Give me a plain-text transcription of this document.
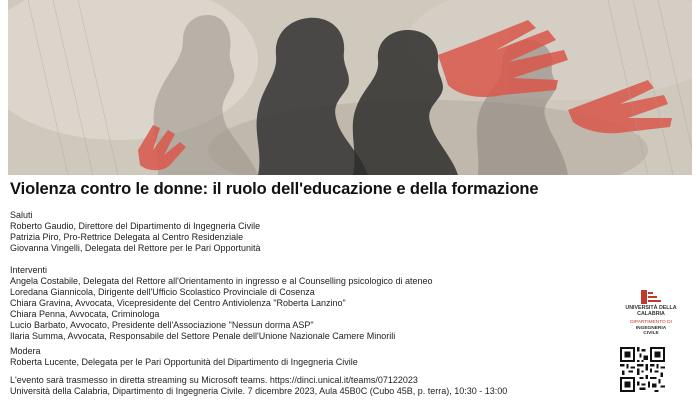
Violenza contro le donne: il ruolo dell'educazione e della formazione
Saluti
Roberto Gaudio, Direttore del Dipartimento di Ingegneria Civile
Patrizia Piro, Pro-Rettrice Delegata al Centro Residenziale
Giovanna Vingelli, Delegata del Rettore per le Pari Opportunità
Interventi
Angela Costabile, Delegata del Rettore all'Orientamento in ingresso e al Counselling psicologico di ateneo
Loredana Giannicola, Dirigente dell'Ufficio Scolastico Provinciale di Cosenza
Chiara Gravina, Avvocata, Vicepresidente del Centro Antiviolenza "Roberta Lanzino"
Chiara Penna, Avvocata, Criminologa
Lucio Barbato, Avvocato, Presidente dell'Associazione "Nessun dorma ASP"
Ilaria Summa, Avvocata, Responsabile del Settore Penale dell'Unione Nazionale Camere Minorili
Modera
Roberta Lucente, Delegata per le Pari Opportunità del Dipartimento di Ingegneria Civile
L'evento sarà trasmesso in diretta streaming su Microsoft teams. https://dinci.unical.it/teams/07122023
Università della Calabria, Dipartimento di Ingegneria Civile. 7 dicembre 2023, Aula 45B0C (Cubo 45B, p. terra), 10:30 - 13:00
UNIVERSITÀ DELLA
CALABRIA
DIPARTIMENTO DI
INGEGNERIA
CIVILE
